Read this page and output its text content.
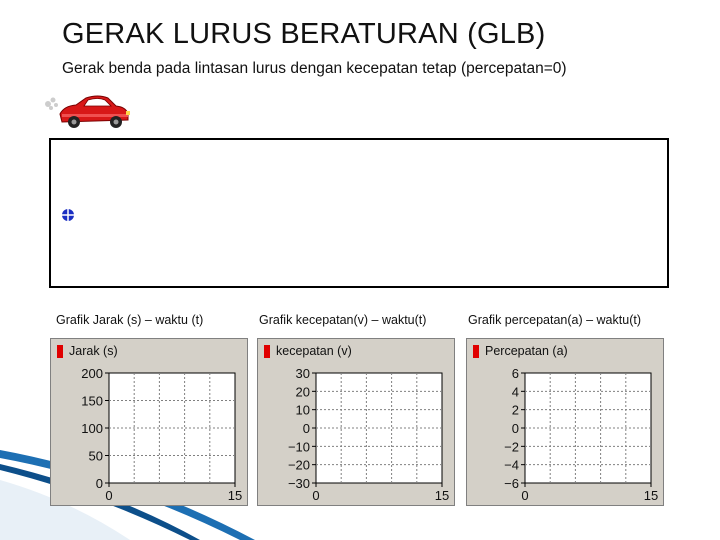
GERAK LURUS BERATURAN (GLB)
Gerak benda pada lintasan lurus dengan kecepatan tetap (percepatan=0)
Grafik Jarak (s) – waktu (t)	Grafik kecepatan(v) – waktu(t)	Grafik percepatan(a) – waktu(t)
Jarak (s)
200
150
100
50
0
0	15
kecepatan (v)
30
20
10
0
−10
−20
−30
0	15
Percepatan (a)
6
4
2
0
−2
−4
−6
0	15
